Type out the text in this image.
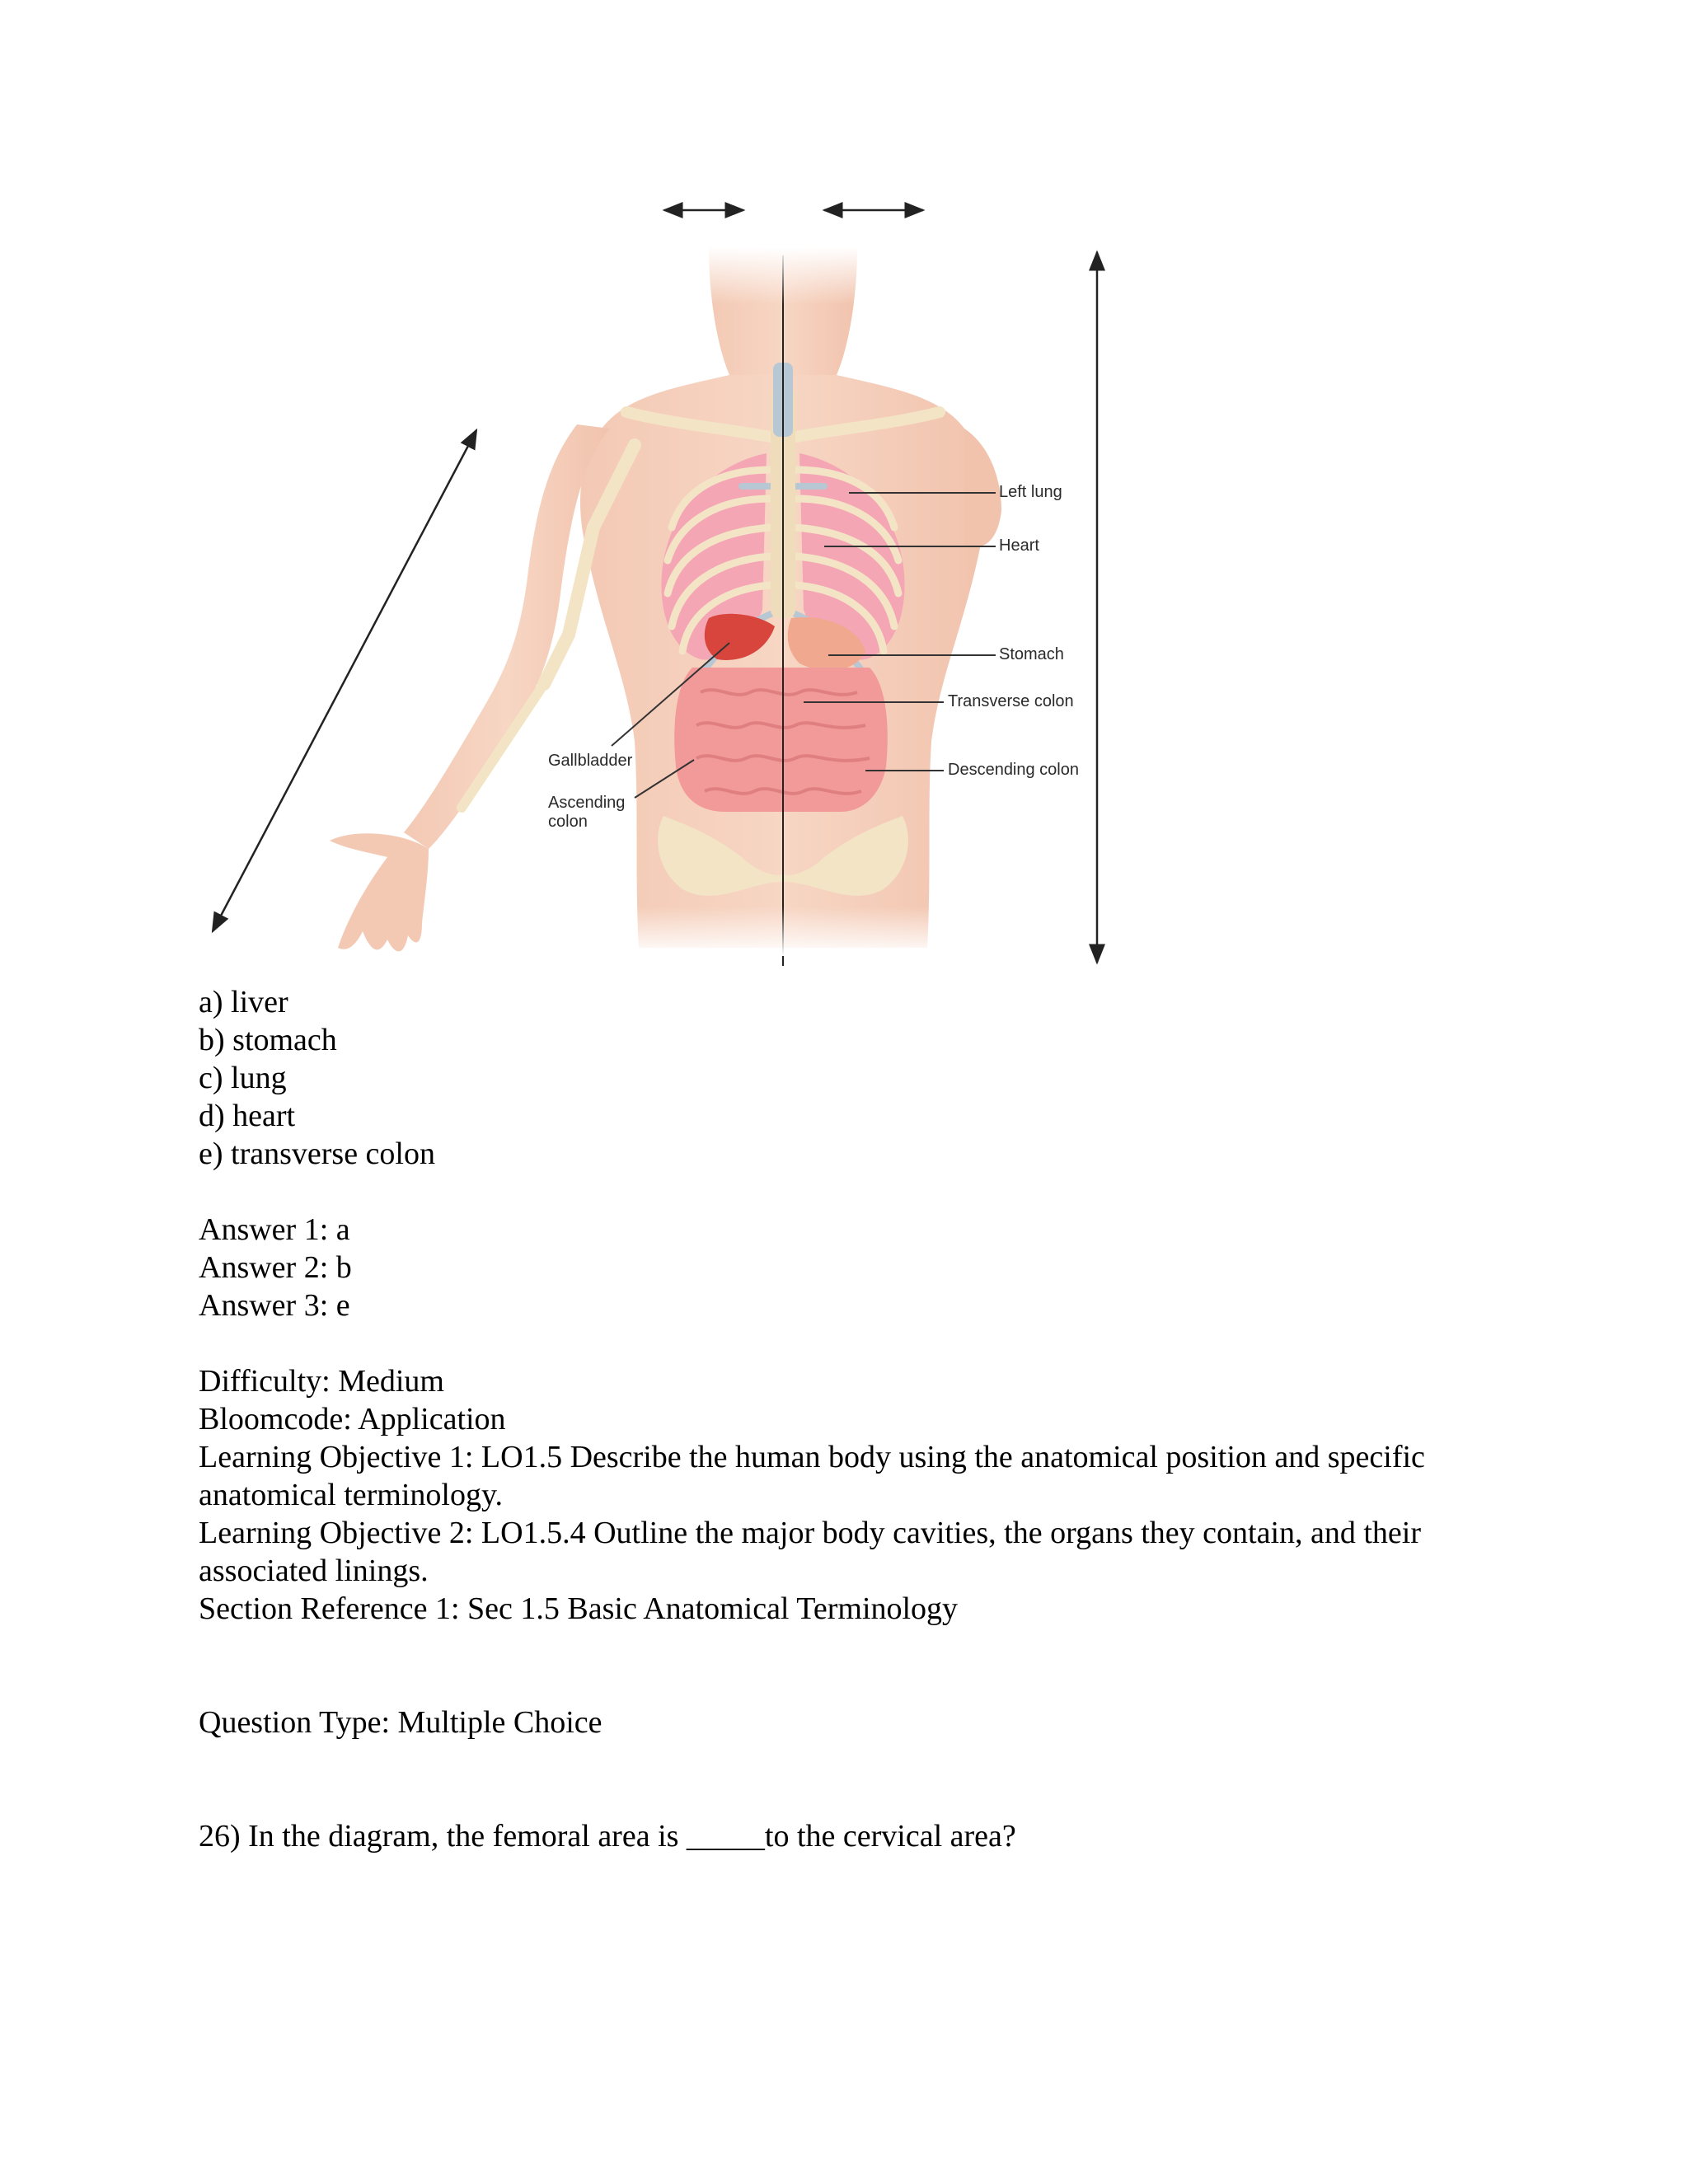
Left lung
Heart
Stomach
Transverse colon
Descending colon
Gallbladder
Ascending
colon
a) liver
b) stomach
c) lung
d) heart
e) transverse colon
Answer 1: a
Answer 2: b
Answer 3: e
Difficulty: Medium
Bloomcode: Application
Learning Objective 1: LO1.5 Describe the human body using the anatomical position and specific anatomical terminology.
Learning Objective 2: LO1.5.4 Outline the major body cavities, the organs they contain, and their associated linings.
Section Reference 1: Sec 1.5 Basic Anatomical Terminology
Question Type: Multiple Choice
26) In the diagram, the femoral area is _____to the cervical area?
